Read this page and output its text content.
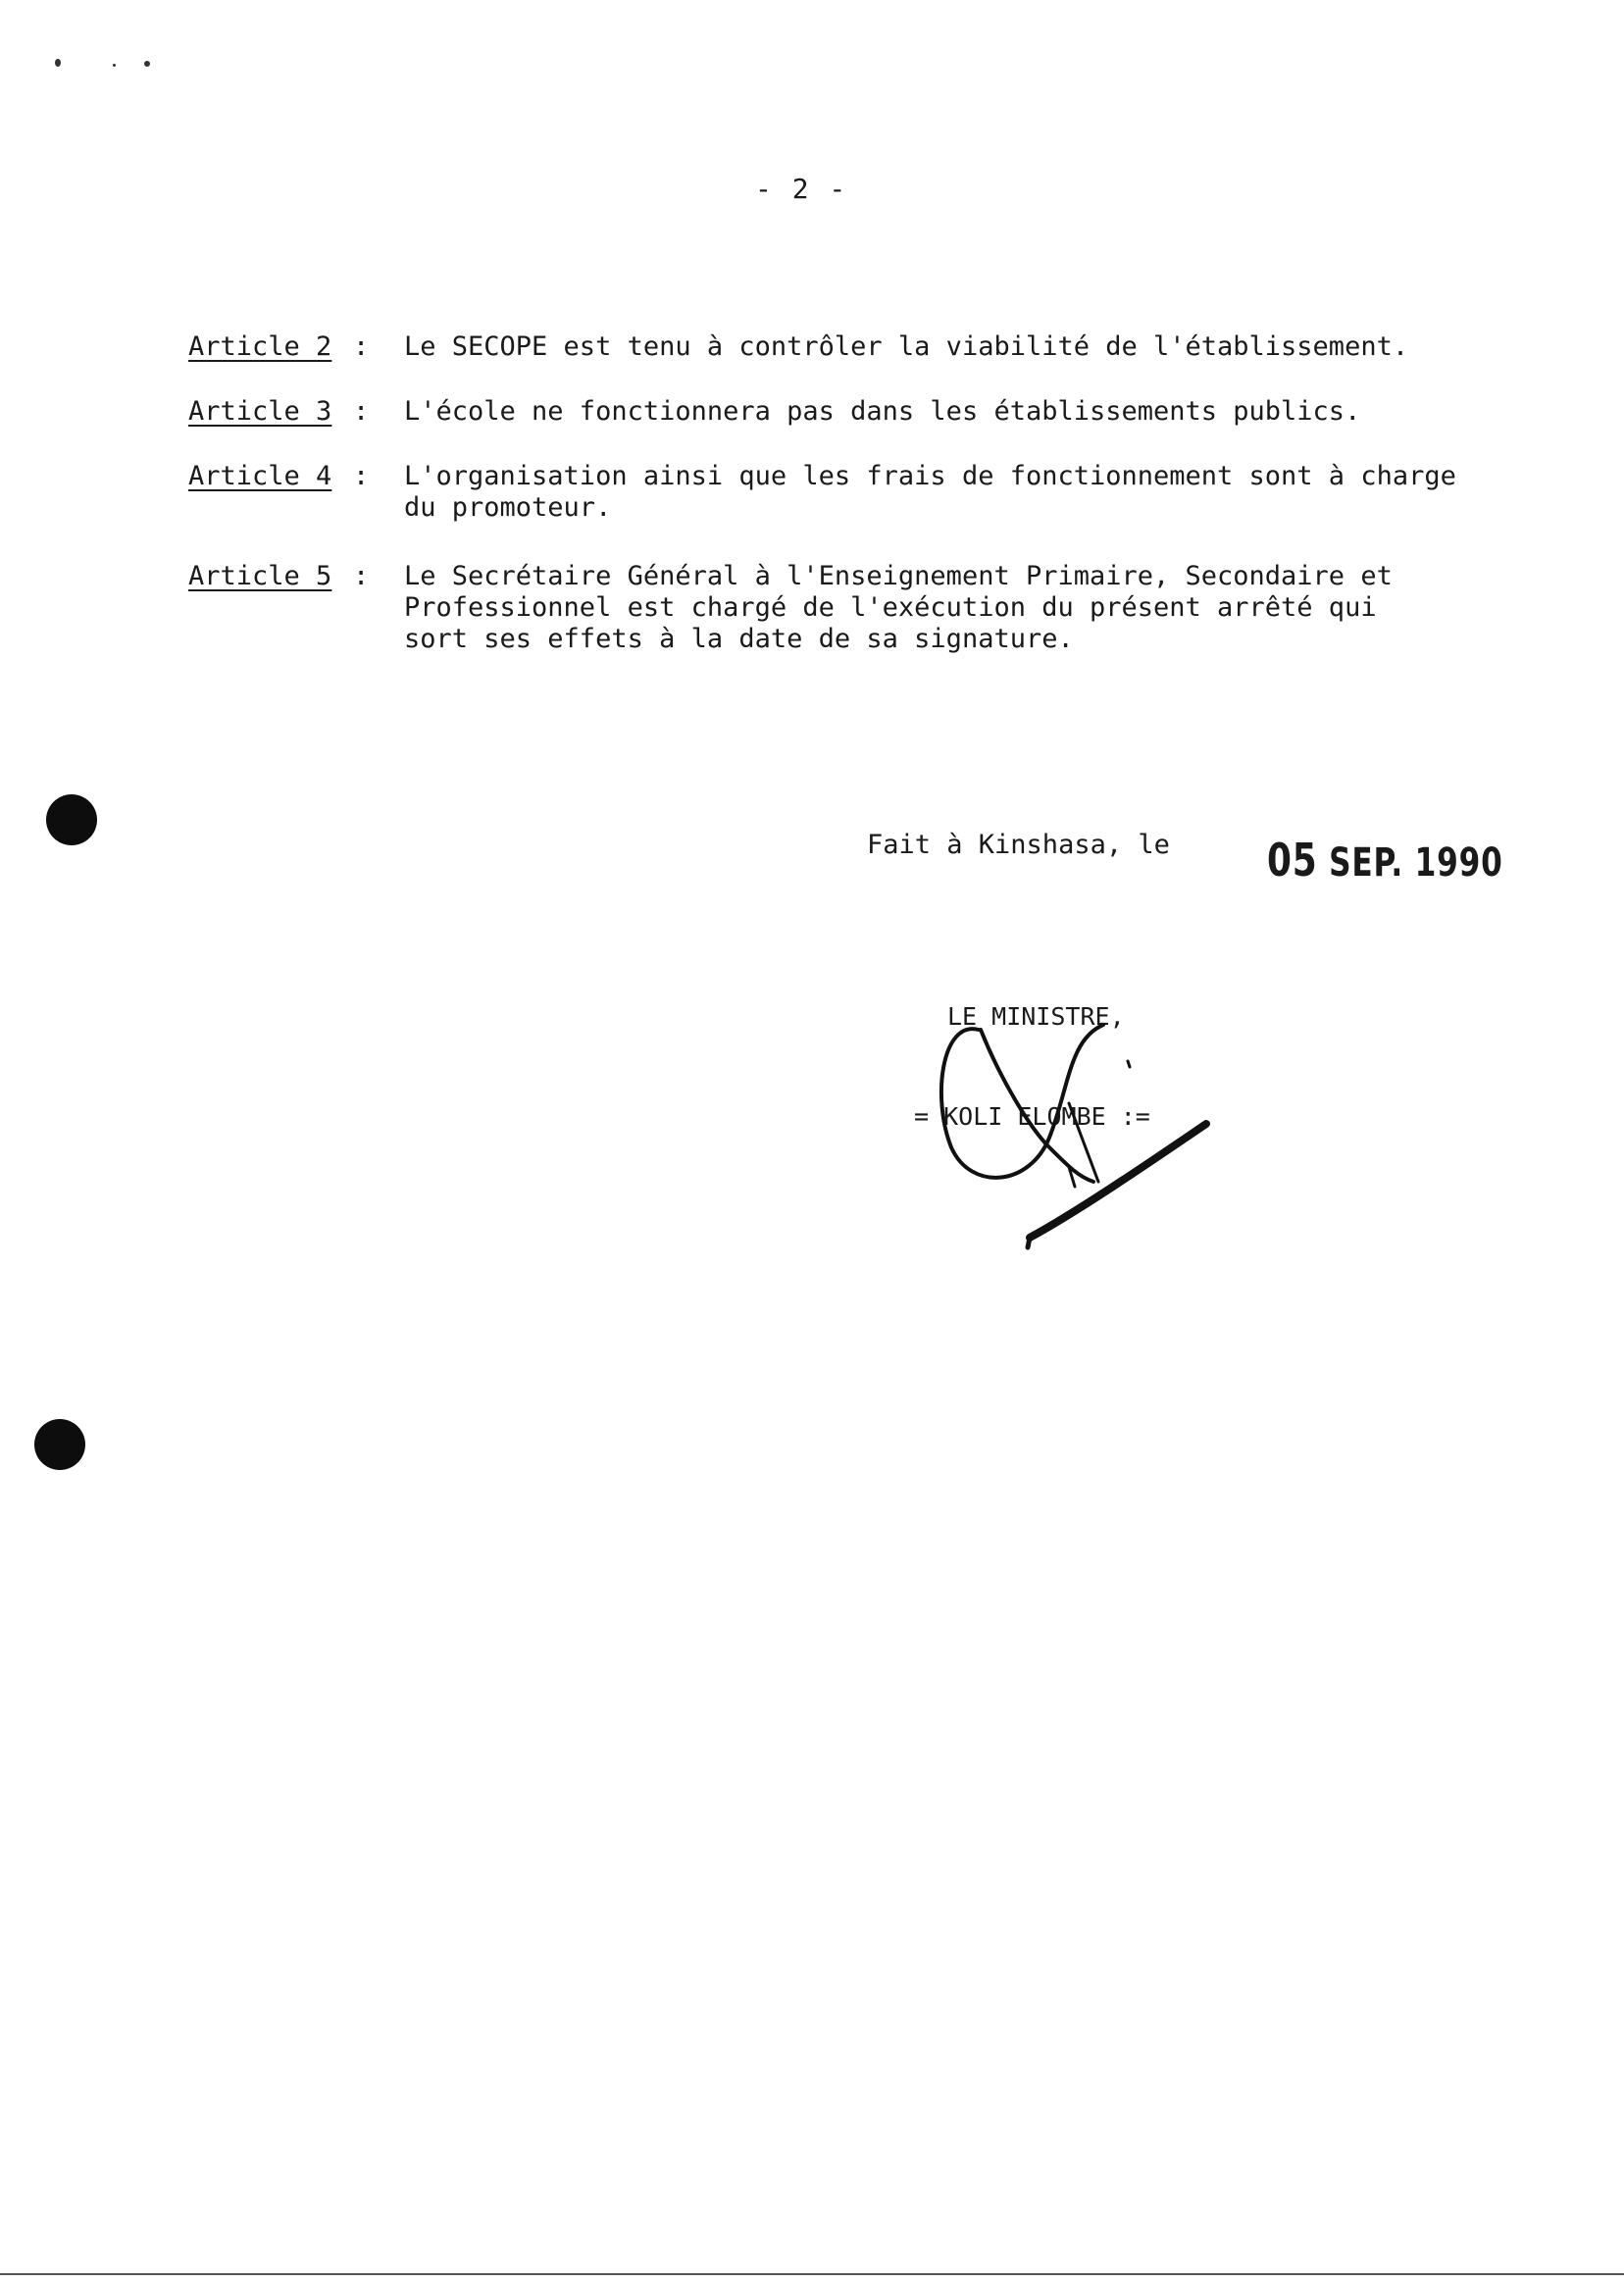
- 2 -
Article 2 : Le SECOPE est tenu à contrôler la viabilité de l'établissement.
Article 3 : L'école ne fonctionnera pas dans les établissements publics.
Article 4 : L'organisation ainsi que les frais de fonctionnement sont à charge
du promoteur.
Article 5 : Le Secrétaire Général à l'Enseignement Primaire, Secondaire et
Professionnel est chargé de l'exécution du présent arrêté qui
sort ses effets à la date de sa signature.
Fait à Kinshasa, le 05 SEP. 1990
LE MINISTRE,
= KOLI ELOMBE :=
